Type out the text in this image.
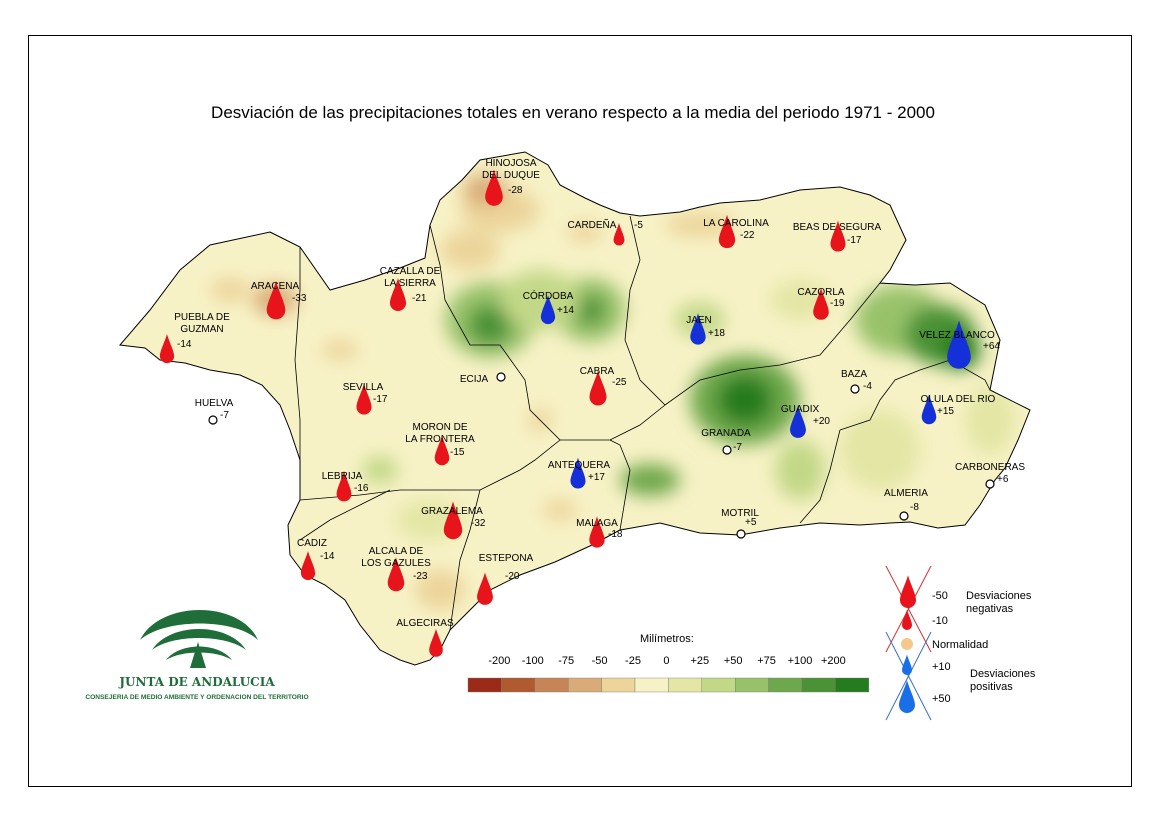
Desviación de las precipitaciones totales en verano respecto a la media del periodo 1971 - 2000
HINOJOSA DEL DUQUE
-28
CARDEÑA -5	LA CAROLINA
-22
BEAS DE SEGURA
-17
ARACENA
-33
CAZALLA DE LA SIERRA
-21	CÓRDOBA
+14
CAZORLA
-19
JAEN
+18	VELEZ BLANCO
+64
PUEBLA DE GUZMAN
-14
ECIJA
CABRA
-25
BAZA
-4
SEVILLA
-17
HUELVA
-7
GUADIX
+20
OLULA DEL RIO
+15
MORON DE LA FRONTERA
-15
GRANADA
-7
ANTEQUERA
+17
LEBRIJA
-16
CARBONERAS
+6
GRAZALEMA
-32
ALMERIA
-8
MOTRIL
+5
MALAGA
-18
CADIZ
-14	ALCALA DE LOS GAZULES
-23
ESTEPONA
-20
ALGECIRAS
Milímetros:
-200 -100 -75 -50 -25 0 +25 +50 +75 +100 +200
-50
-10
Normalidad
+10
+50
Desviaciones negativas
Desviaciones positivas
JUNTA DE ANDALUCIA
CONSEJERIA DE MEDIO AMBIENTE Y ORDENACION DEL TERRITORIO
